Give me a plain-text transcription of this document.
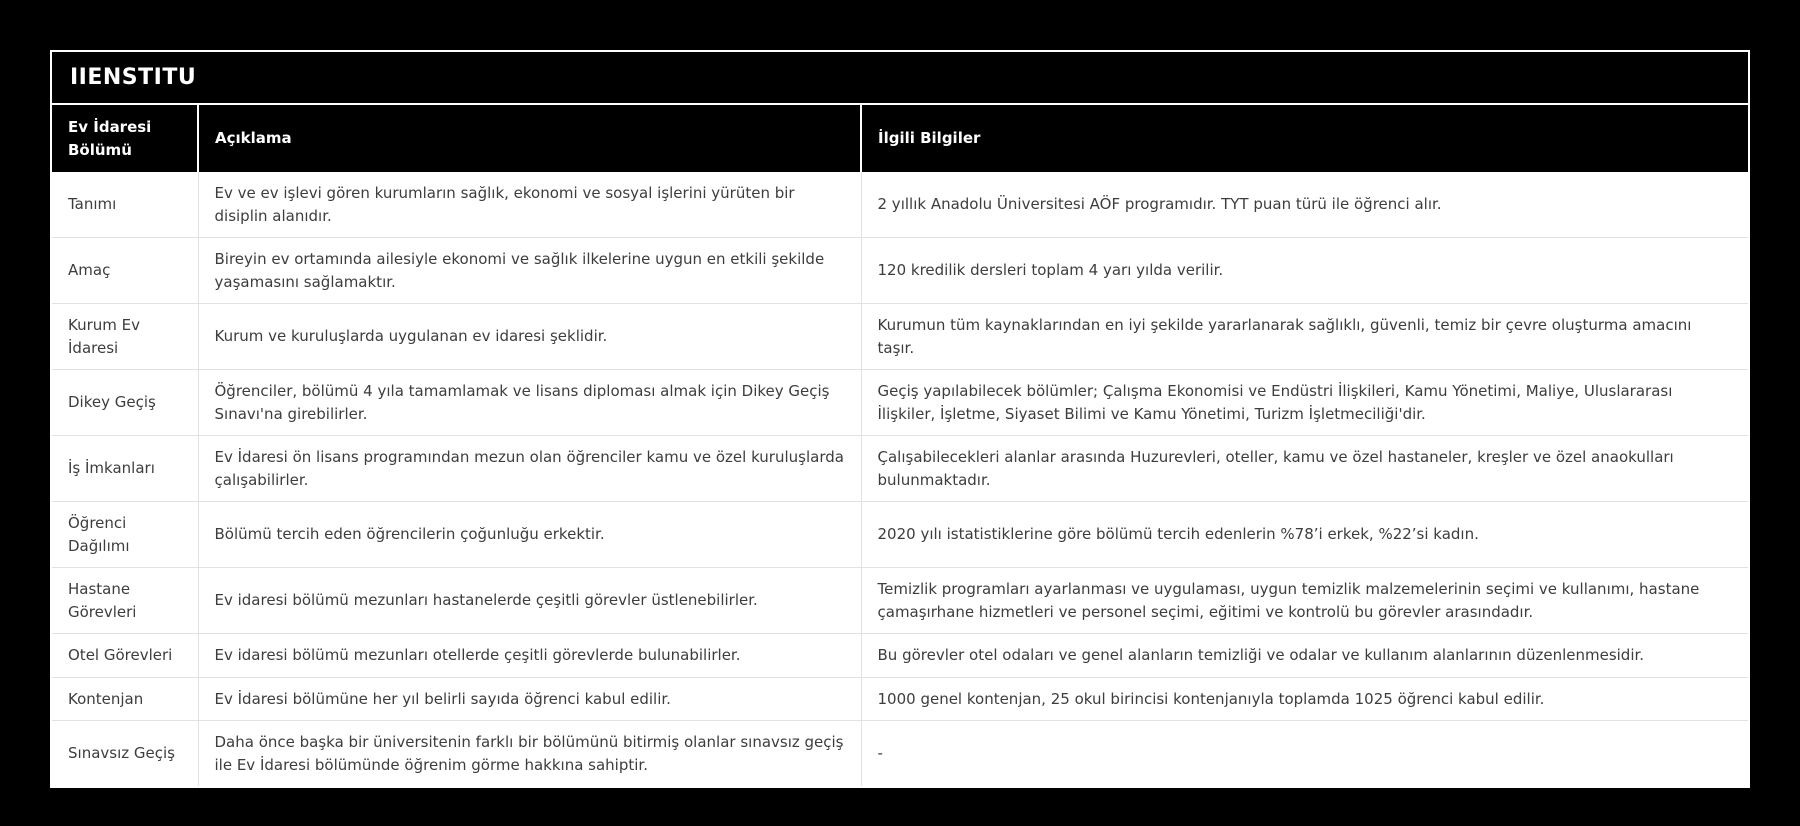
IIENSTITU
Ev İdaresi Bölümü	Açıklama	İlgili Bilgiler
Tanımı	Ev ve ev işlevi gören kurumların sağlık, ekonomi ve sosyal işlerini yürüten bir disiplin alanıdır.	2 yıllık Anadolu Üniversitesi AÖF programıdır. TYT puan türü ile öğrenci alır.
Amaç	Bireyin ev ortamında ailesiyle ekonomi ve sağlık ilkelerine uygun en etkili şekilde yaşamasını sağlamaktır.	120 kredilik dersleri toplam 4 yarı yılda verilir.
Kurum Ev İdaresi	Kurum ve kuruluşlarda uygulanan ev idaresi şeklidir.	Kurumun tüm kaynaklarından en iyi şekilde yararlanarak sağlıklı, güvenli, temiz bir çevre oluşturma amacını taşır.
Dikey Geçiş	Öğrenciler, bölümü 4 yıla tamamlamak ve lisans diploması almak için Dikey Geçiş Sınavı'na girebilirler.	Geçiş yapılabilecek bölümler; Çalışma Ekonomisi ve Endüstri İlişkileri, Kamu Yönetimi, Maliye, Uluslararası İlişkiler, İşletme, Siyaset Bilimi ve Kamu Yönetimi, Turizm İşletmeciliği'dir.
İş İmkanları	Ev İdaresi ön lisans programından mezun olan öğrenciler kamu ve özel kuruluşlarda çalışabilirler.	Çalışabilecekleri alanlar arasında Huzurevleri, oteller, kamu ve özel hastaneler, kreşler ve özel anaokulları bulunmaktadır.
Öğrenci Dağılımı	Bölümü tercih eden öğrencilerin çoğunluğu erkektir.	2020 yılı istatistiklerine göre bölümü tercih edenlerin %78’i erkek, %22’si kadın.
Hastane Görevleri	Ev idaresi bölümü mezunları hastanelerde çeşitli görevler üstlenebilirler.	Temizlik programları ayarlanması ve uygulaması, uygun temizlik malzemelerinin seçimi ve kullanımı, hastane çamaşırhane hizmetleri ve personel seçimi, eğitimi ve kontrolü bu görevler arasındadır.
Otel Görevleri	Ev idaresi bölümü mezunları otellerde çeşitli görevlerde bulunabilirler.	Bu görevler otel odaları ve genel alanların temizliği ve odalar ve kullanım alanlarının düzenlenmesidir.
Kontenjan	Ev İdaresi bölümüne her yıl belirli sayıda öğrenci kabul edilir.	1000 genel kontenjan, 25 okul birincisi kontenjanıyla toplamda 1025 öğrenci kabul edilir.
Sınavsız Geçiş	Daha önce başka bir üniversitenin farklı bir bölümünü bitirmiş olanlar sınavsız geçiş ile Ev İdaresi bölümünde öğrenim görme hakkına sahiptir.	-
